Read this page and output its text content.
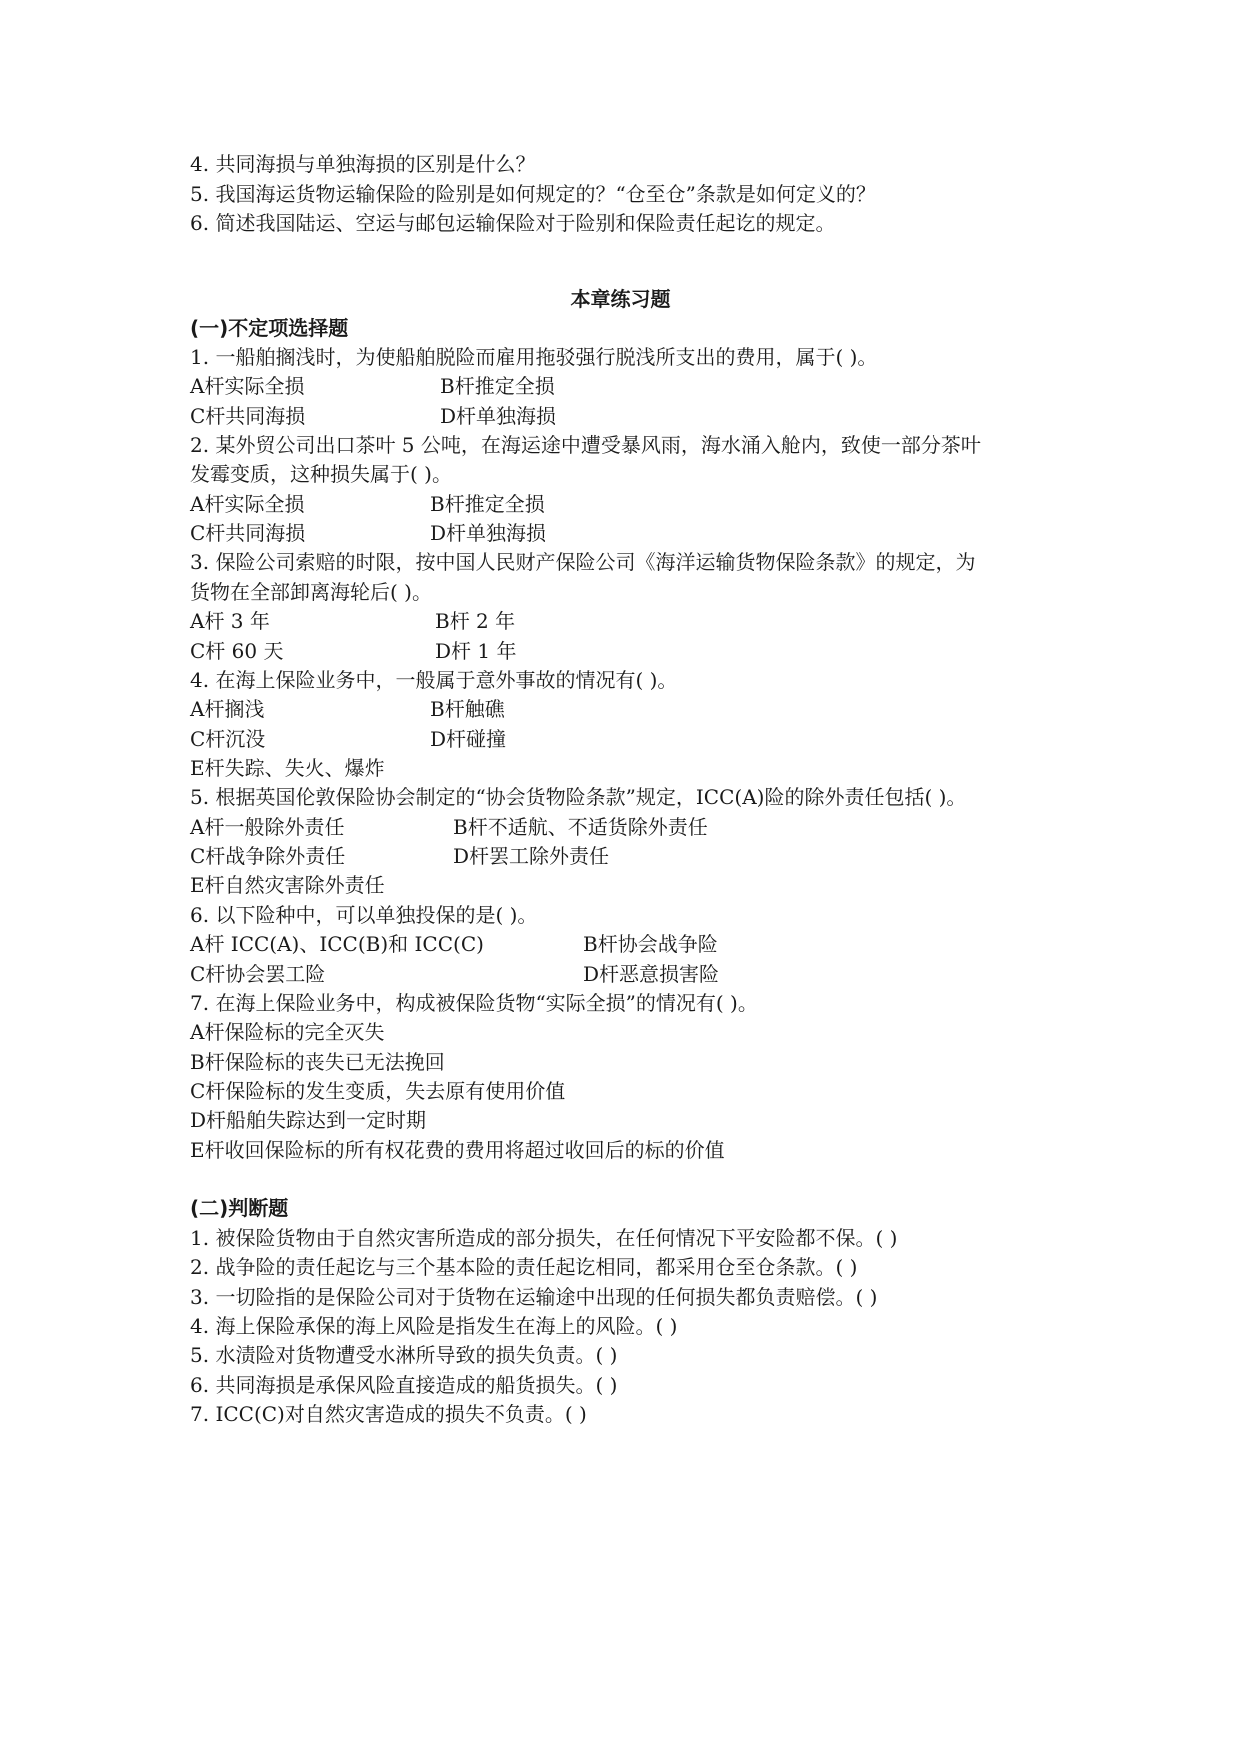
4. 共同海损与单独海损的区别是什么？
5. 我国海运货物运输保险的险别是如何规定的？“仓至仓”条款是如何定义的？
6. 简述我国陆运、空运与邮包运输保险对于险别和保险责任起讫的规定。
本章练习题
(一)不定项选择题
1. 一船舶搁浅时，为使船舶脱险而雇用拖驳强行脱浅所支出的费用，属于( )。
A杆实际全损	B杆推定全损
C杆共同海损	D杆单独海损
2. 某外贸公司出口茶叶 5 公吨，在海运途中遭受暴风雨，海水涌入舱内，致使一部分茶叶
发霉变质，这种损失属于( )。
A杆实际全损	B杆推定全损
C杆共同海损	D杆单独海损
3. 保险公司索赔的时限，按中国人民财产保险公司《海洋运输货物保险条款》的规定，为
货物在全部卸离海轮后( )。
A杆 3 年	B杆 2 年
C杆 60 天	D杆 1 年
4. 在海上保险业务中，一般属于意外事故的情况有( )。
A杆搁浅	B杆触礁
C杆沉没	D杆碰撞
E杆失踪、失火、爆炸
5. 根据英国伦敦保险协会制定的“协会货物险条款”规定，ICC(A)险的除外责任包括( )。
A杆一般除外责任	B杆不适航、不适货除外责任
C杆战争除外责任	D杆罢工除外责任
E杆自然灾害除外责任
6. 以下险种中，可以单独投保的是( )。
A杆 ICC(A)、ICC(B)和 ICC(C)	B杆协会战争险
C杆协会罢工险	D杆恶意损害险
7. 在海上保险业务中，构成被保险货物“实际全损”的情况有( )。
A杆保险标的完全灭失
B杆保险标的丧失已无法挽回
C杆保险标的发生变质，失去原有使用价值
D杆船舶失踪达到一定时期
E杆收回保险标的所有权花费的费用将超过收回后的标的价值
(二)判断题
1. 被保险货物由于自然灾害所造成的部分损失，在任何情况下平安险都不保。( )
2. 战争险的责任起讫与三个基本险的责任起讫相同，都采用仓至仓条款。( )
3. 一切险指的是保险公司对于货物在运输途中出现的任何损失都负责赔偿。( )
4. 海上保险承保的海上风险是指发生在海上的风险。( )
5. 水渍险对货物遭受水淋所导致的损失负责。( )
6. 共同海损是承保风险直接造成的船货损失。( )
7. ICC(C)对自然灾害造成的损失不负责。( )
